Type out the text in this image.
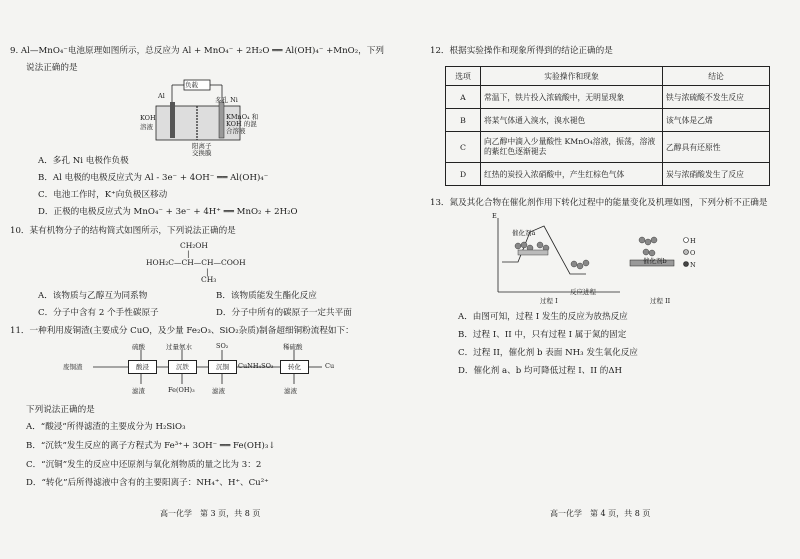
9. Al—MnO₄⁻电池原理如图所示，总反应为 Al + MnO₄⁻ + 2H₂O ══ Al(OH)₄⁻ +MnO₂，下列
说法正确的是
负载
Al	多孔 Ni
KOH
溶液
KMnO₄ 和
KOH 的混
合溶液
阳离子
交换膜
A．多孔 Ni 电极作负极
B．Al 电极的电极反应式为 Al - 3e⁻ + 4OH⁻ ══ Al(OH)₄⁻
C．电池工作时，K⁺向负极区移动
D．正极的电极反应式为 MnO₄⁻ + 3e⁻ + 4H⁺ ══ MnO₂ + 2H₂O
10．某有机物分子的结构简式如图所示，下列说法正确的是
CH₂OH
|
HOH₂C—CH—CH—COOH
|
CH₃
A．该物质与乙醇互为同系物	B．该物质能发生酯化反应
C．分子中含有 2 个手性碳原子	D．分子中所有的碳原子一定共平面
11．一种利用废铜渣(主要成分 CuO，及少量 Fe₂O₃、SiO₂杂质)制备超细铜粉流程如下：
废铜渣	酸浸	沉铁	沉铜	CuNH₄SO₃	转化	Cu
硫酸	过量氨水	SO₂	稀硫酸
滤渣	Fe(OH)₃	滤液	滤液
下列说法正确的是
A．“酸浸”所得滤渣的主要成分为 H₂SiO₃
B．“沉铁”发生反应的离子方程式为 Fe³⁺+ 3OH⁻ ══ Fe(OH)₃↓
C．“沉铜”发生的反应中还原剂与氧化剂物质的量之比为 3：2
D．“转化”后所得滤液中含有的主要阳离子：NH₄⁺、H⁺、Cu²⁺
高一化学　第 3 页，共 8 页
12．根据实验操作和现象所得到的结论正确的是
选项	实验操作和现象	结论
A	常温下，铁片投入浓硫酸中，无明显现象	铁与浓硫酸不发生反应
B	将某气体通入溴水，溴水褪色	该气体是乙烯
C	向乙醇中滴入少量酸性 KMnO₄溶液，振荡，溶液的紫红色逐渐褪去	乙醇具有还原性
D	红热的炭投入浓硝酸中，产生红棕色气体	炭与浓硝酸发生了反应
13．氮及其化合物在催化剂作用下转化过程中的能量变化及机理如图，下列分析不正确是
E
催化剂a
催化剂b
反应进程
过程 I	过程 II
H
O
N
A．由图可知，过程 I 发生的反应为放热反应
B．过程 I、II 中，只有过程 I 属于氮的固定
C．过程 II，催化剂 b 表面 NH₃ 发生氧化反应
D．催化剂 a、b 均可降低过程 I、II 的ΔH
高一化学　第 4 页，共 8 页
